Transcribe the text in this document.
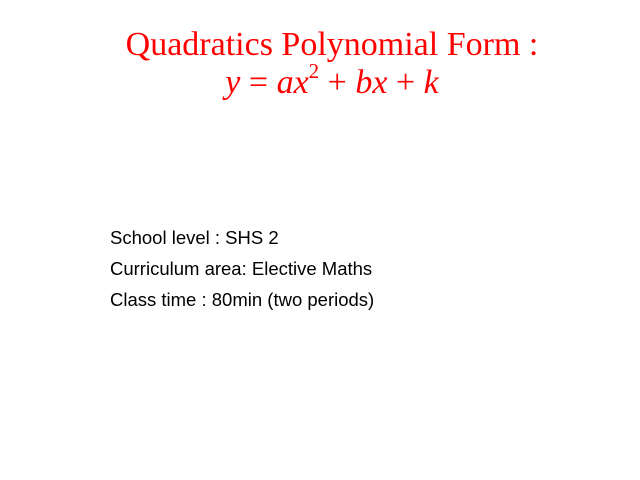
Quadratics Polynomial Form :
$y = ax^2$ + bx + k
School level : SHS 2
Curriculum area: Elective Maths
Class time : 80min (two periods)
